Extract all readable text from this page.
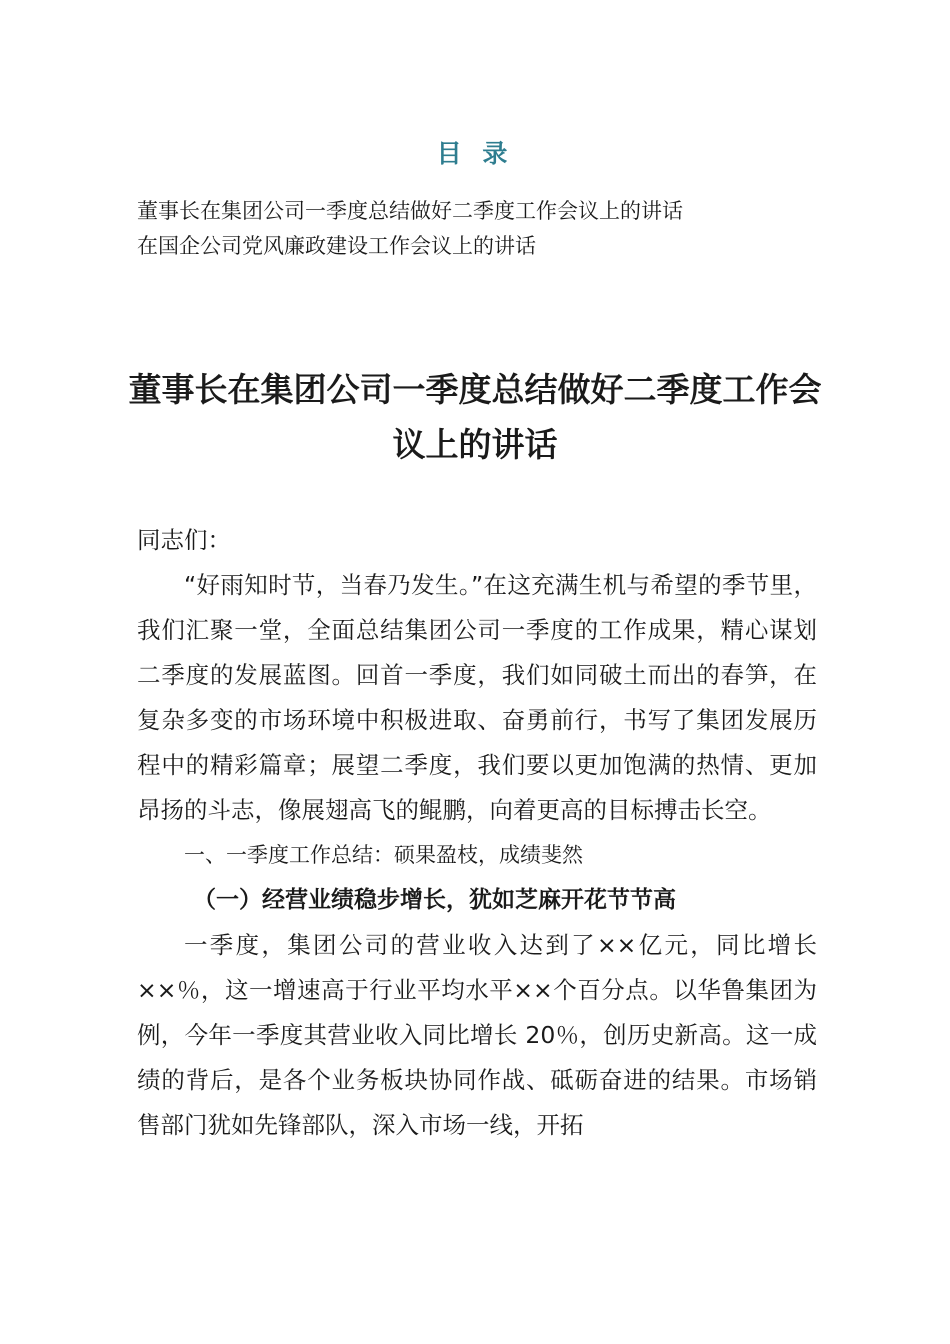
目 录
董事长在集团公司一季度总结做好二季度工作会议上的讲话
在国企公司党风廉政建设工作会议上的讲话
董事长在集团公司一季度总结做好二季度工作会议上的讲话

同志们：

“好雨知时节，当春乃发生。”在这充满生机与希望的季节里，我们汇聚一堂，全面总结集团公司一季度的工作成果，精心谋划二季度的发展蓝图。回首一季度，我们如同破土而出的春笋，在复杂多变的市场环境中积极进取、奋勇前行，书写了集团发展历程中的精彩篇章；展望二季度，我们要以更加饱满的热情、更加昂扬的斗志，像展翅高飞的鲲鹏，向着更高的目标搏击长空。

一、一季度工作总结：硕果盈枝，成绩斐然

（一）经营业绩稳步增长，犹如芝麻开花节节高

一季度，集团公司的营业收入达到了××亿元，同比增长××％，这一增速高于行业平均水平××个百分点。以华鲁集团为例，今年一季度其营业收入同比增长 20％，创历史新高。这一成绩的背后，是各个业务板块协同作战、砥砺奋进的结果。市场销售部门犹如先锋部队，深入市场一线，开拓
